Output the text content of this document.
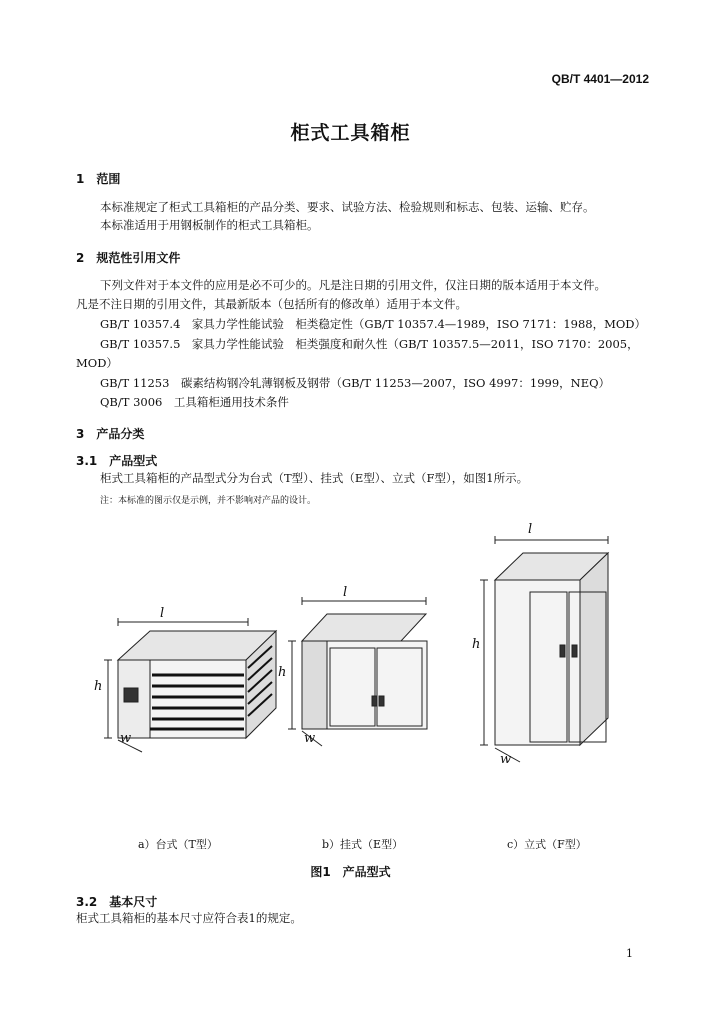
QB/T 4401—2012
柜式工具箱柜
1　范围
本标准规定了柜式工具箱柜的产品分类、要求、试验方法、检验规则和标志、包装、运输、贮存。
本标准适用于用钢板制作的柜式工具箱柜。
2　规范性引用文件
下列文件对于本文件的应用是必不可少的。凡是注日期的引用文件，仅注日期的版本适用于本文件。
凡是不注日期的引用文件，其最新版本（包括所有的修改单）适用于本文件。
GB/T 10357.4　家具力学性能试验　柜类稳定性（GB/T 10357.4—1989，ISO 7171：1988，MOD）
GB/T 10357.5　家具力学性能试验　柜类强度和耐久性（GB/T 10357.5—2011，ISO 7170：2005，
MOD）
GB/T 11253　碳素结构钢冷轧薄钢板及钢带（GB/T 11253—2007，ISO 4997：1999，NEQ）
QB/T 3006　工具箱柜通用技术条件
3　产品分类
3.1　产品型式
柜式工具箱柜的产品型式分为台式（T型）、挂式（E型）、立式（F型），如图1所示。
注：本标准的图示仅是示例，并不影响对产品的设计。
l
h
w
l
h
w
l
h
w
a）台式（T型）	b）挂式（E型）	c）立式（F型）
图1　产品型式
3.2　基本尺寸
柜式工具箱柜的基本尺寸应符合表1的规定。
1
